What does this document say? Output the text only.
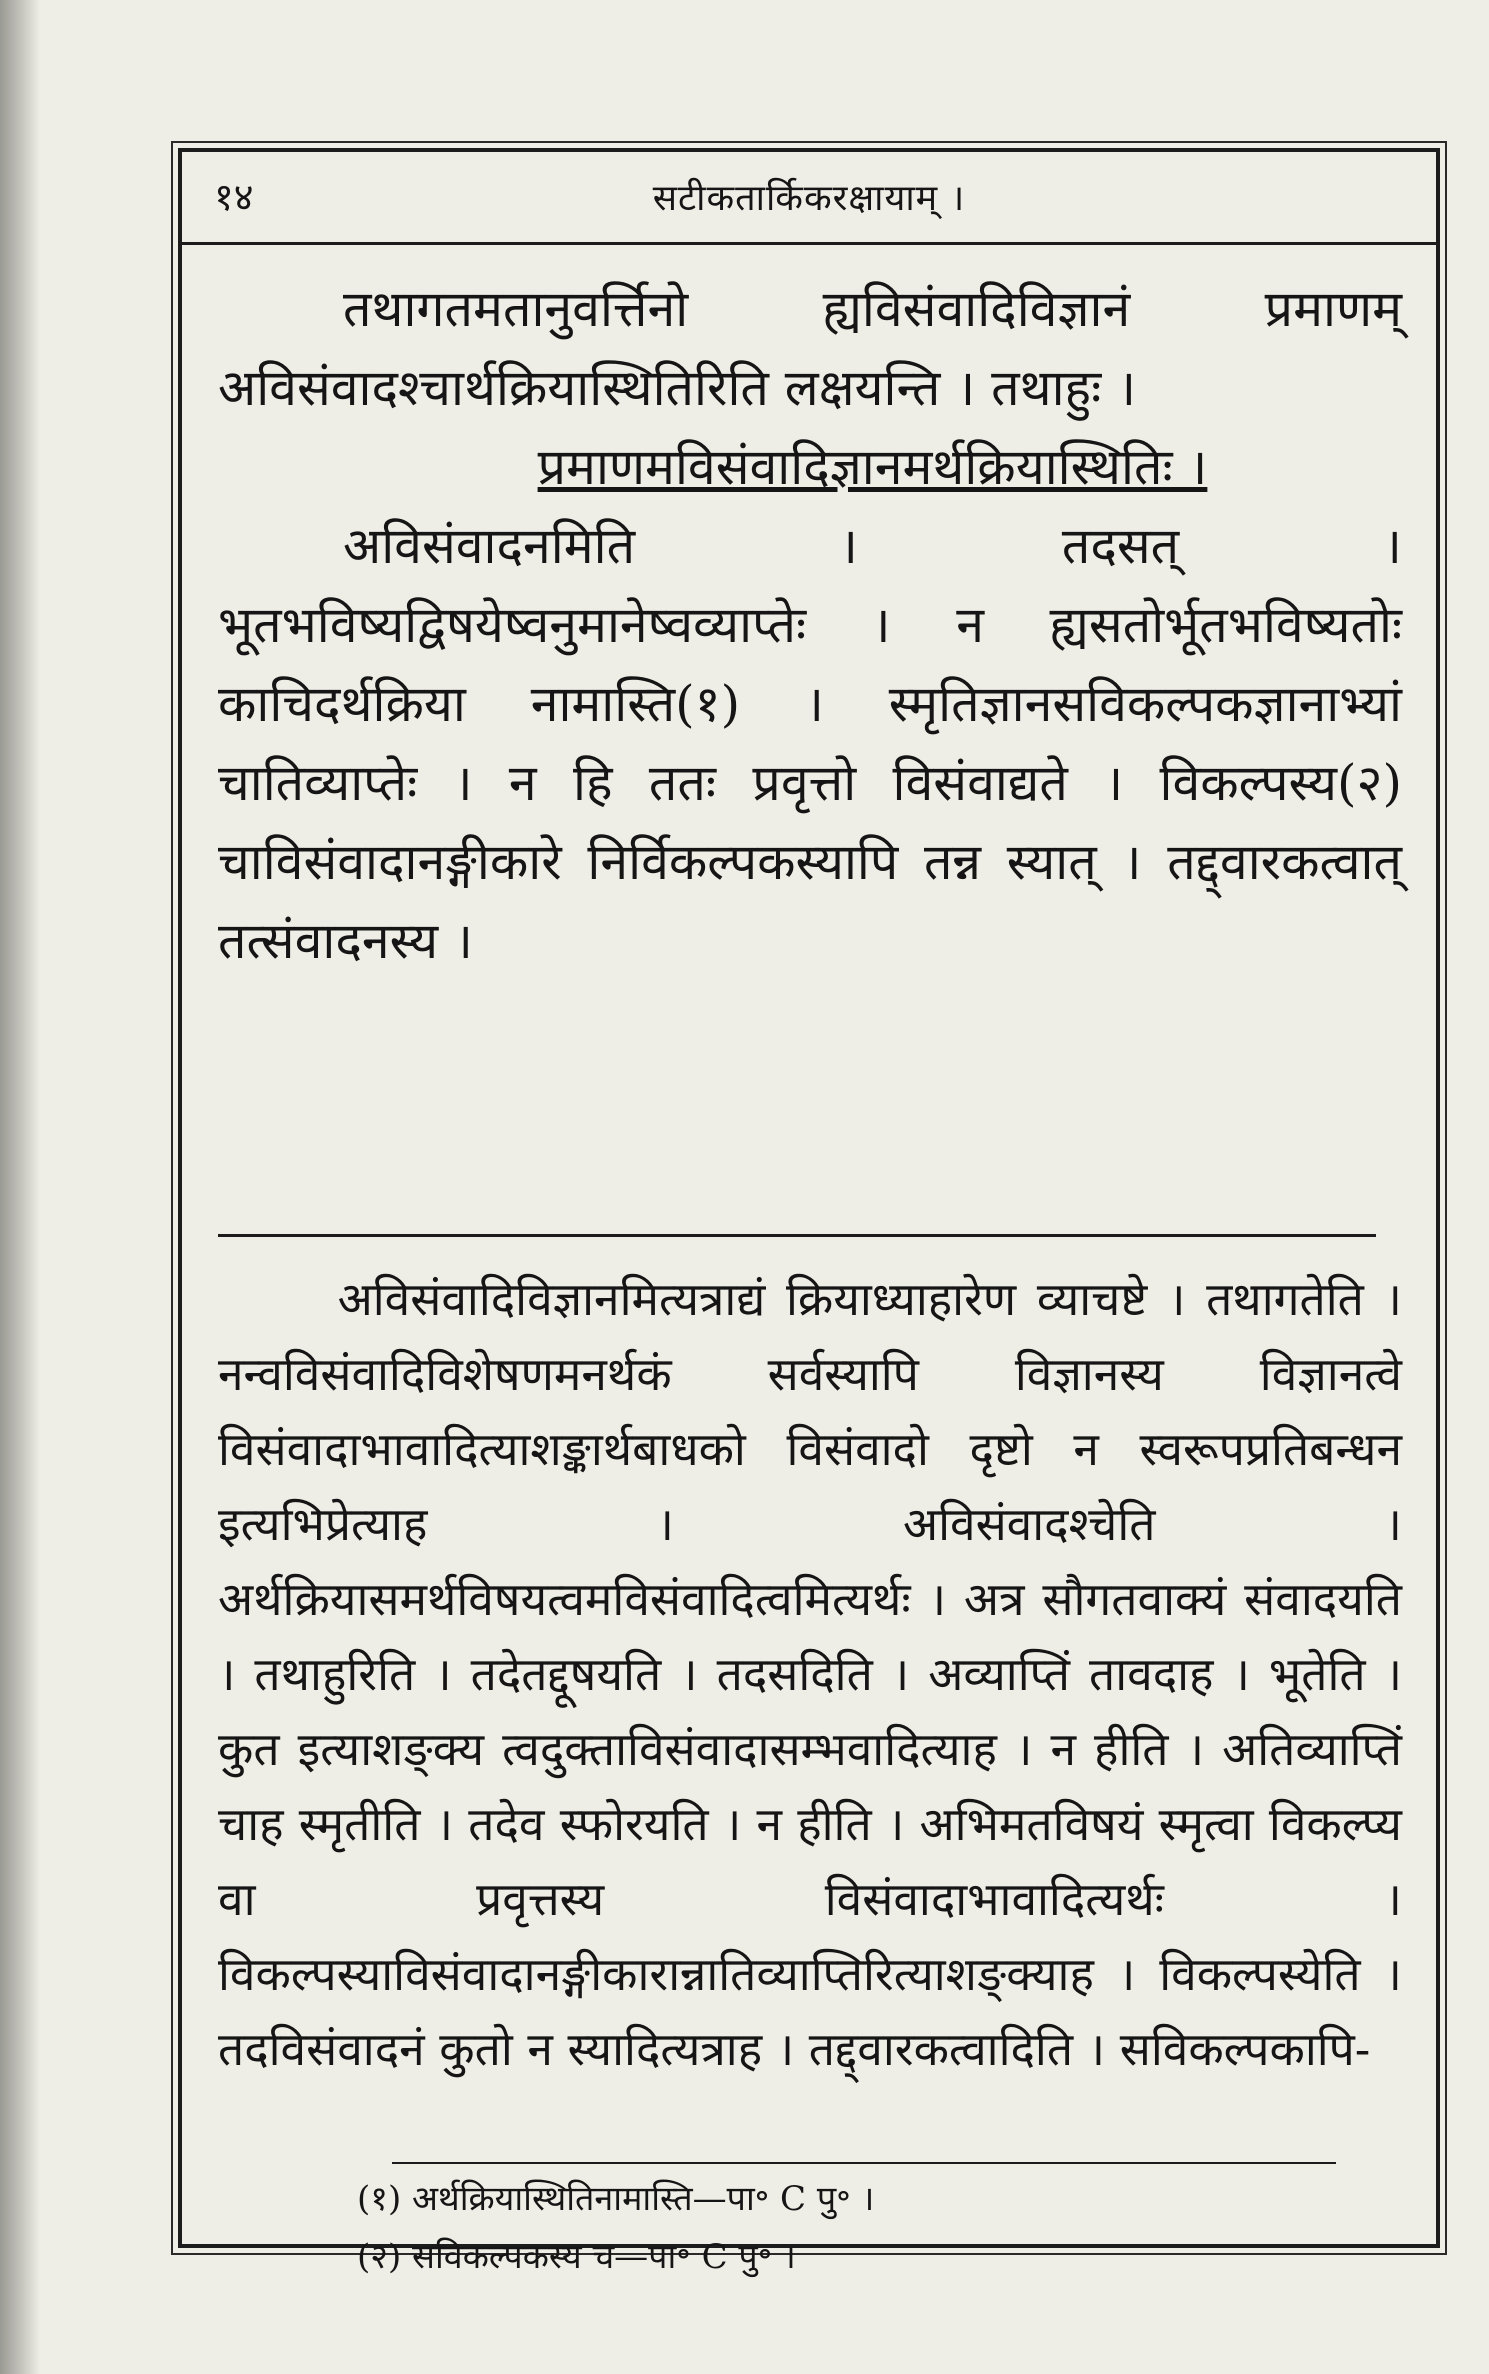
१४	सटीकतार्किकरक्षायाम् ।

तथागतमतानुवर्त्तिनो ह्यविसंवादिविज्ञानं प्रमाणम् अविसंवादश्चार्थक्रियास्थितिरिति लक्षयन्ति । तथाहुः ।

प्रमाणमविसंवादिज्ञानमर्थक्रियास्थितिः ।

अविसंवादनमिति । तदसत् । भूतभविष्यद्विषयेष्वनुमानेष्वव्याप्तेः । न ह्यसतोर्भूतभविष्यतोः काचिदर्थक्रिया नामास्ति(१) । स्मृतिज्ञानसविकल्पकज्ञानाभ्यां चातिव्याप्तेः । न हि ततः प्रवृत्तो विसंवाद्यते । विकल्पस्य(२) चाविसंवादानङ्गीकारे निर्विकल्पकस्यापि तन्न स्यात् । तद्द्वारकत्वात् तत्संवादनस्य ।

अविसंवादिविज्ञानमित्यत्राद्यं क्रियाध्याहारेण व्याचष्टे । तथागतेति । नन्वविसंवादिविशेषणमनर्थकं सर्वस्यापि विज्ञानस्य विज्ञानत्वे विसंवादाभावादित्याशङ्कार्थबाधको विसंवादो दृष्टो न स्वरूपप्रतिबन्धन इत्यभिप्रेत्याह । अविसंवादश्चेति । अर्थक्रियासमर्थविषयत्वमविसंवादित्वमित्यर्थः । अत्र सौगतवाक्यं संवादयति । तथाहुरिति । तदेतद्दूषयति । तदसदिति । अव्याप्तिं तावदाह । भूतेति । कुत इत्याशङ्क्य त्वदुक्ताविसंवादासम्भवादित्याह । न हीति । अतिव्याप्तिं चाह स्मृतीति । तदेव स्फोरयति । न हीति । अभिमतविषयं स्मृत्वा विकल्प्य वा प्रवृत्तस्य विसंवादाभावादित्यर्थः । विकल्पस्याविसंवादानङ्गीकारान्नातिव्याप्तिरित्याशङ्क्याह । विकल्पस्येति । तदविसंवादनं कुतो न स्यादित्यत्राह । तद्द्वारकत्वादिति । सविकल्पकापि-

(१) अर्थक्रियास्थितिनामास्ति—पा॰ C पु॰ ।
(२) सविकल्पकस्य च—पा॰ C पु॰ ।
